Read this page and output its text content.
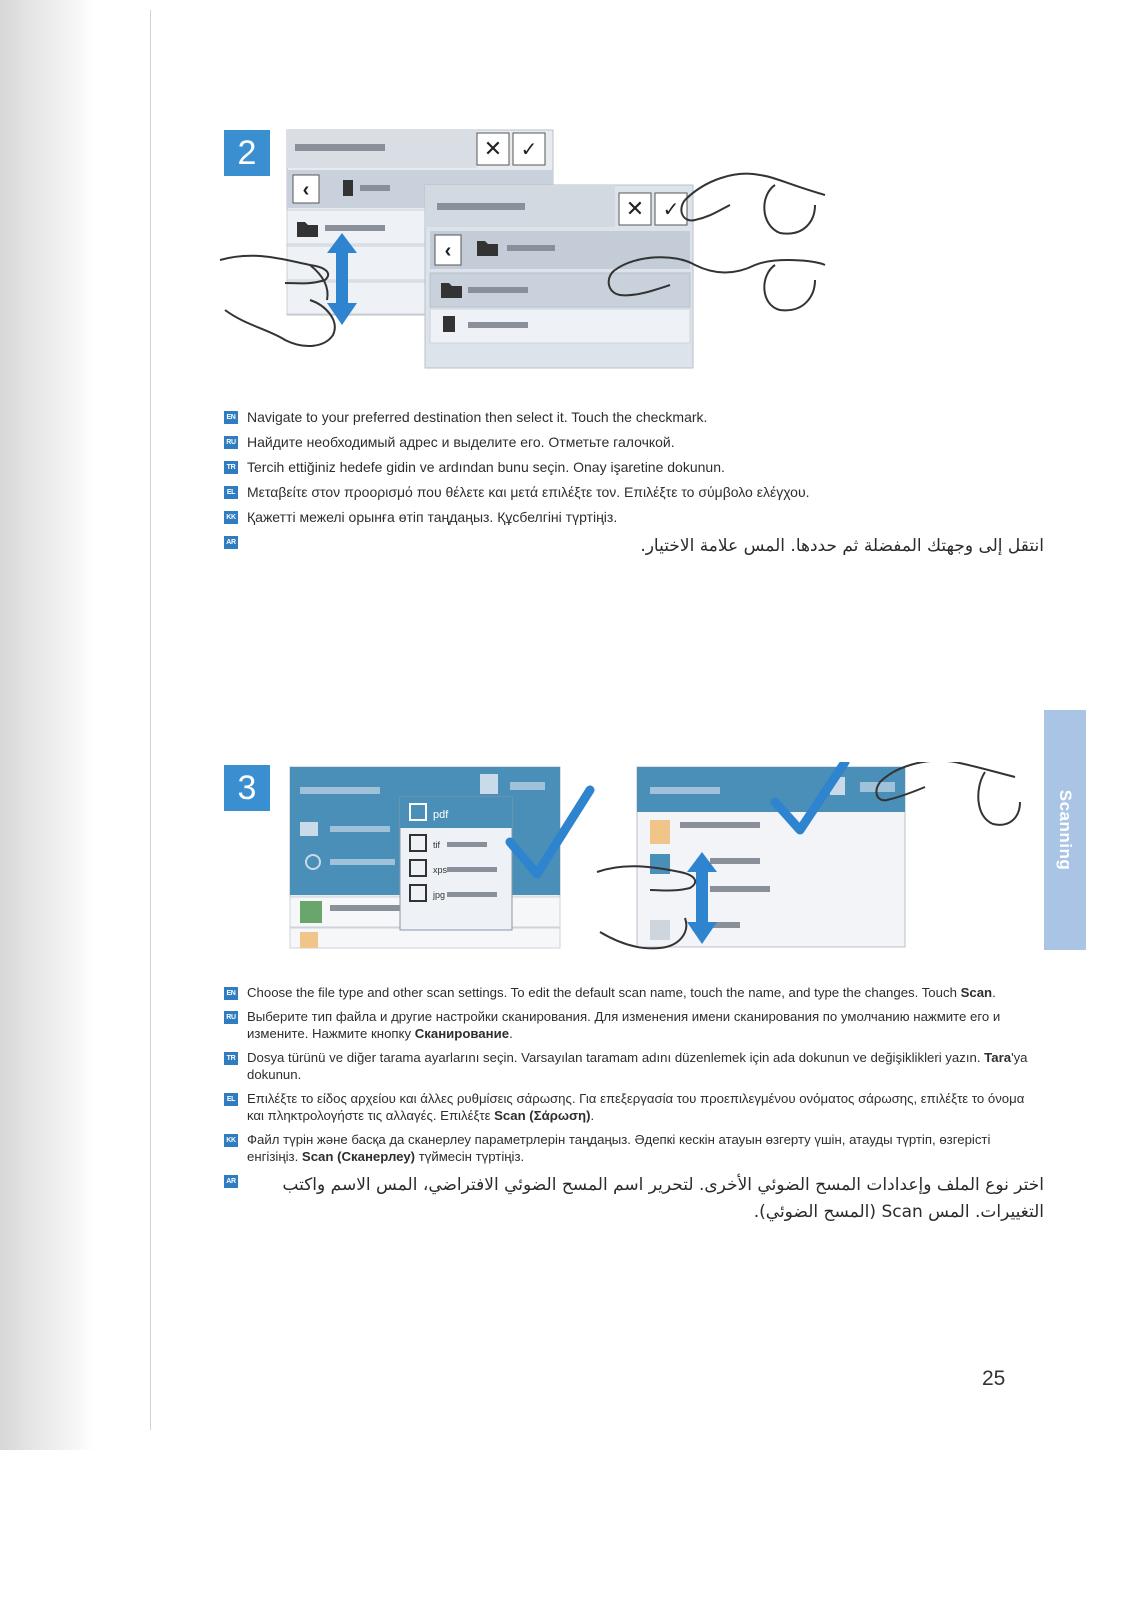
2	✕ ✓
‹
✕ ✓
‹
EN Navigate to your preferred destination then select it. Touch the checkmark.
RU Найдите необходимый адрес и выделите его. Отметьте галочкой.
TR Tercih ettiğiniz hedefe gidin ve ardından bunu seçin. Onay işaretine dokunun.
EL Μεταβείτε στον προορισμό που θέλετε και μετά επιλέξτε τον. Επιλέξτε το σύμβολο ελέγχου.
KK Қажетті межелі орынға өтіп таңдаңыз. Құсбелгіні түртіңіз.
AR	انتقل إلى وجهتك المفضلة ثم حددها. المس علامة الاختيار.
3
pdf
tif
xps
jpg
EN Choose the file type and other scan settings. To edit the default scan name, touch the name, and type the changes. Touch Scan.
RU Выберите тип файла и другие настройки сканирования. Для изменения имени сканирования по умолчанию нажмите его и измените. Нажмите кнопку Сканирование.
TR Dosya türünü ve diğer tarama ayarlarını seçin. Varsayılan taramam adını düzenlemek için ada dokunun ve değişiklikleri yazın. Tara'ya dokunun.
EL Επιλέξτε το είδος αρχείου και άλλες ρυθμίσεις σάρωσης. Για επεξεργασία του προεπιλεγμένου ονόματος σάρωσης, επιλέξτε το όνομα και πληκτρολογήστε τις αλλαγές. Επιλέξτε Scan (Σάρωση).
KK Файл түрін және басқа да сканерлеу параметрлерін таңдаңыз. Әдепкі кескін атауын өзгерту үшін, атауды түртіп, өзгерісті енгізіңіз. Scan (Сканерлеу) түймесін түртіңіз.
AR	اختر نوع الملف وإعدادات المسح الضوئي الأخرى. لتحرير اسم المسح الضوئي الافتراضي، المس الاسم واكتب التغييرات. المس Scan (المسح الضوئي).
Scanning
25
